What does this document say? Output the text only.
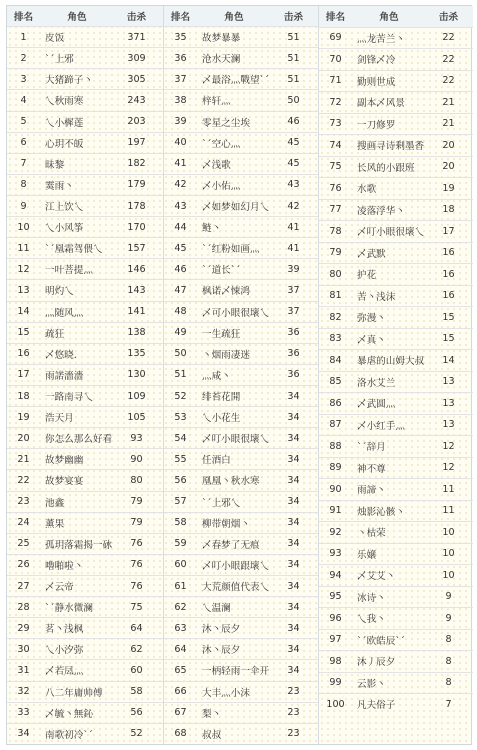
排名	角色	击杀
1	皮饭	371
2	`ˊ上邪	309
3	大猪蹄子丶	305
4	乀秋雨寒	243
5	乀小樨莲	203
6	心玥不皈	197
7	昧黎	182
8	霙雨丶	179
9	江上饮乀	178
10	乀小风筝	170
11	`ˊ凰霜驾偎乀	157
12	一叶菩提灬	146
13	明灼乀	143
14	灬随风灬	141
15	疏狂	138
16	乄悠晓.	135
17	雨諾濇濇	130
18	一路南寻乀	109
19	浩天月	105
20	你怎么那么好看	93
21	故梦幽幽	90
22	故梦宴宴	80
23	池鑫	79
24	薰果	79
25	孤玥落霜揭一砅	76
26	嚕啪啦丶	76
27	乄云帝	76
28	`ˊ静水微澜	75
29	茗丶浅枫	64
30	乀小汐弥	62
31	乄若凨灬	60
32	八二年庸帅傅	58
33	乄毓丶無鈊	56
34	南歌初冷`ˊ	52
排名	角色	击杀
35	故梦暴暴	51
36	沧水天澜	51
37	乄最浴灬戰望`ˊ	51
38	梓轩灬	50
39	零星之尘埃	46
40	`ˊ空心灬	45
41	乄浅歌	45
42	乄小佑灬	43
43	乄如梦如幻月乀	42
44	鲢丶	41
45	`ˊ红粉如画灬	41
46	`ˊ道长`ˊ	39
47	枫诺乄悚鸿	37
48	乄可小眼很壞乀	37
49	一生疏狂	36
50	丶烟雨凄迷	36
51	灬咸丶	36
52	绯苔花開	34
53	乀小花生	34
54	乄叮小眼很壞乀	34
55	任酒白	34
56	凰凰丶秋水寒	34
57	`ˊ上邪乀	34
58	柳带朝烟丶	34
59	乄春梦了无痕	34
60	乄叮小眼跟壞乀	34
61	大荒颜值代表乀	34
62	乀温澜	34
63	沐丶辰夕	34
64	沐丶辰夕	34
65	一柄轻雨一伞开	34
66	大丰灬小沫	23
67	梨丶	23
68	叔叔	23
排名	角色	击杀
69	灬龙苦兰丶	22
70	剑锋乄冷	22
71	勤则世成	22
72	副本乄风景	21
73	一刀修罗	21
74	搜画寻诗剩墨香	20
75	长风的小跟班	20
76	水歌	19
77	凌落浮华丶	18
78	乄叮小眼很壞乀	17
79	乄武默	16
80	护花	16
81	苦丶浅沫	16
82	弥漫丶	15
83	乄真丶	15
84	暴虐的山姆大叔	14
85	洛水艾兰	13
86	乄武圆灬	13
87	乄小红手灬	13
88	`ˊ辞月	12
89	神不尊	12
90	雨諦丶	11
91	烛影沁骸丶	11
92	丶枯荣	10
93	乐嬢	10
94	乄艾艾丶	10
95	冰诗丶	9
96	乀我丶	9
97	`ˊ欧皓辰`ˊ	8
98	沐丿辰夕	8
99	云影丶	8
100	凡夫俗子	7
